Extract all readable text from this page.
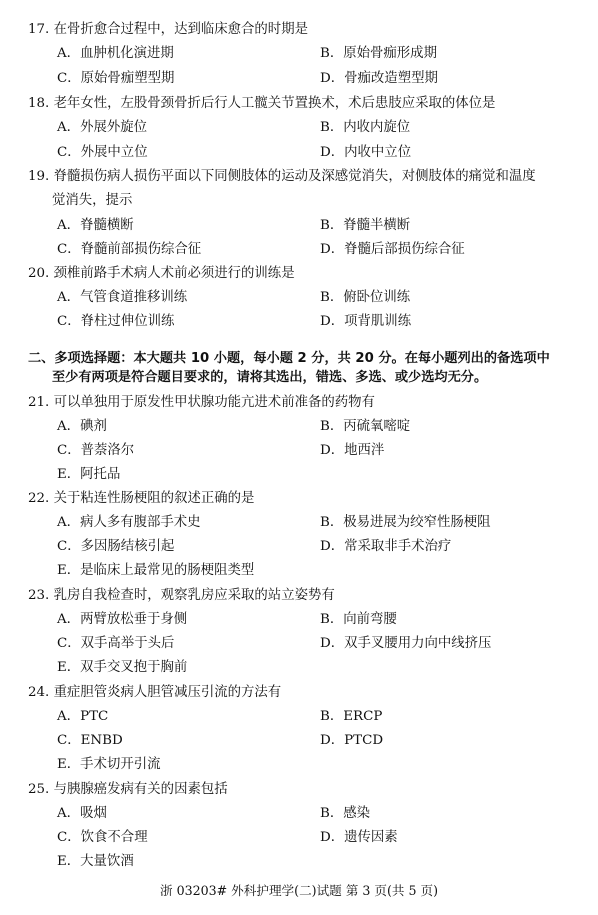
17. 在骨折愈合过程中，达到临床愈合的时期是
A．血肿机化演进期	B．原始骨痂形成期
C．原始骨痂塑型期	D．骨痂改造塑型期
18. 老年女性，左股骨颈骨折后行人工髋关节置换术，术后患肢应采取的体位是
A．外展外旋位	B．内收内旋位
C．外展中立位	D．内收中立位
19. 脊髓损伤病人损伤平面以下同侧肢体的运动及深感觉消失，对侧肢体的痛觉和温度
觉消失，提示
A．脊髓横断	B．脊髓半横断
C．脊髓前部损伤综合征	D．脊髓后部损伤综合征
20. 颈椎前路手术病人术前必须进行的训练是
A．气管食道推移训练	B．俯卧位训练
C．脊柱过伸位训练	D．项背肌训练
二、多项选择题：本大题共 10 小题，每小题 2 分，共 20 分。在每小题列出的备选项中
至少有两项是符合题目要求的，请将其选出，错选、多选、或少选均无分。
21. 可以单独用于原发性甲状腺功能亢进术前准备的药物有
A．碘剂	B．丙硫氧嘧啶
C．普萘洛尔	D．地西泮
E．阿托品
22. 关于粘连性肠梗阻的叙述正确的是
A．病人多有腹部手术史	B．极易进展为绞窄性肠梗阻
C．多因肠结核引起	D．常采取非手术治疗
E．是临床上最常见的肠梗阻类型
23. 乳房自我检查时，观察乳房应采取的站立姿势有
A．两臂放松垂于身侧	B．向前弯腰
C．双手高举于头后	D．双手叉腰用力向中线挤压
E．双手交叉抱于胸前
24. 重症胆管炎病人胆管减压引流的方法有
A．PTC	B．ERCP
C．ENBD	D．PTCD
E．手术切开引流
25. 与胰腺癌发病有关的因素包括
A．吸烟	B．感染
C．饮食不合理	D．遗传因素
E．大量饮酒
浙 03203# 外科护理学(二)试题 第 3 页(共 5 页)
